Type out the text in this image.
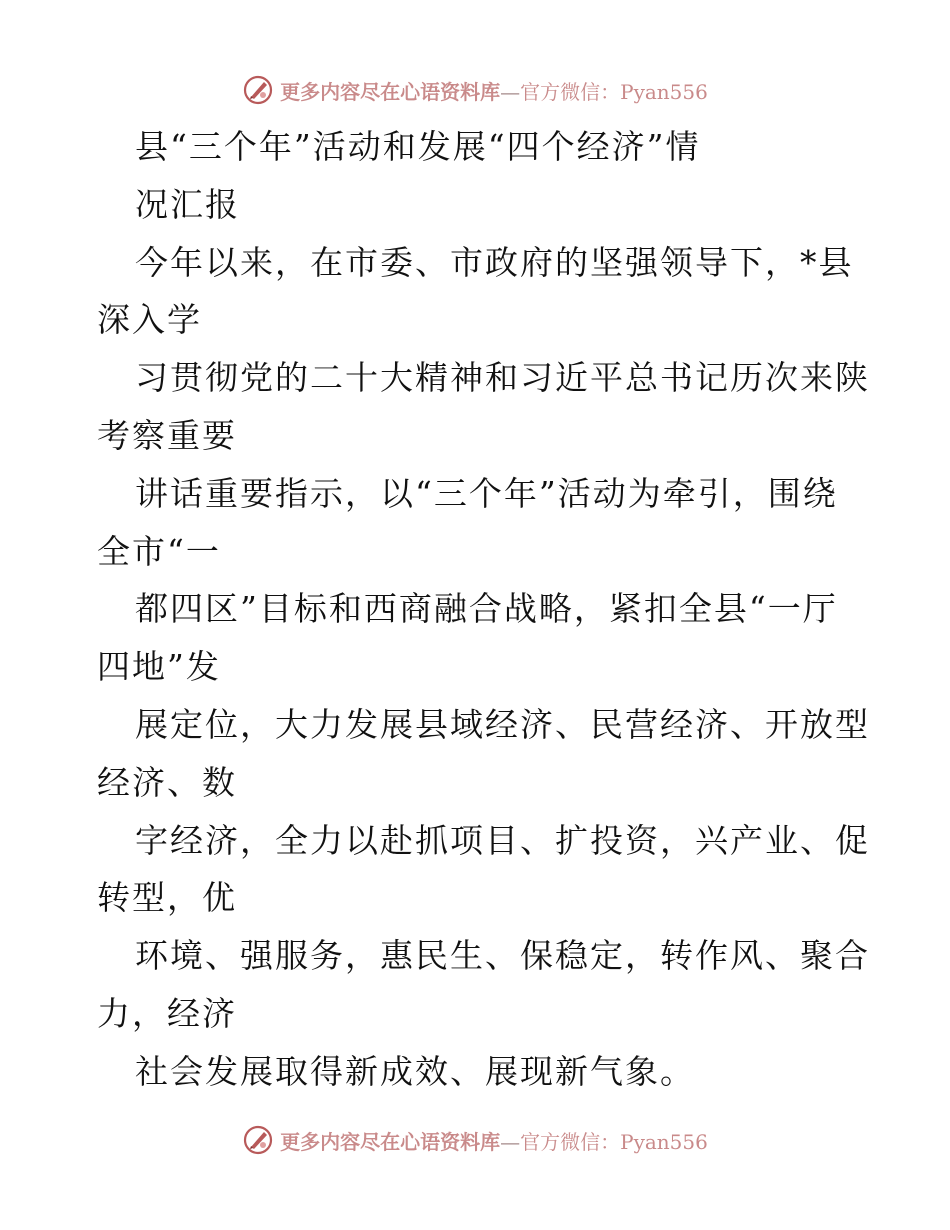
更多内容尽在心语资料库—官方微信：Pyan556
县“三个年”活动和发展“四个经济”情
况汇报
今年以来，在市委、市政府的坚强领导下，*县
深入学
习贯彻党的二十大精神和习近平总书记历次来陕
考察重要
讲话重要指示，以“三个年”活动为牵引，围绕
全市“一
都四区”目标和西商融合战略，紧扣全县“一厅
四地”发
展定位，大力发展县域经济、民营经济、开放型
经济、数
字经济，全力以赴抓项目、扩投资，兴产业、促
转型，优
环境、强服务，惠民生、保稳定，转作风、聚合
力，经济
社会发展取得新成效、展现新气象。
更多内容尽在心语资料库—官方微信：Pyan556
